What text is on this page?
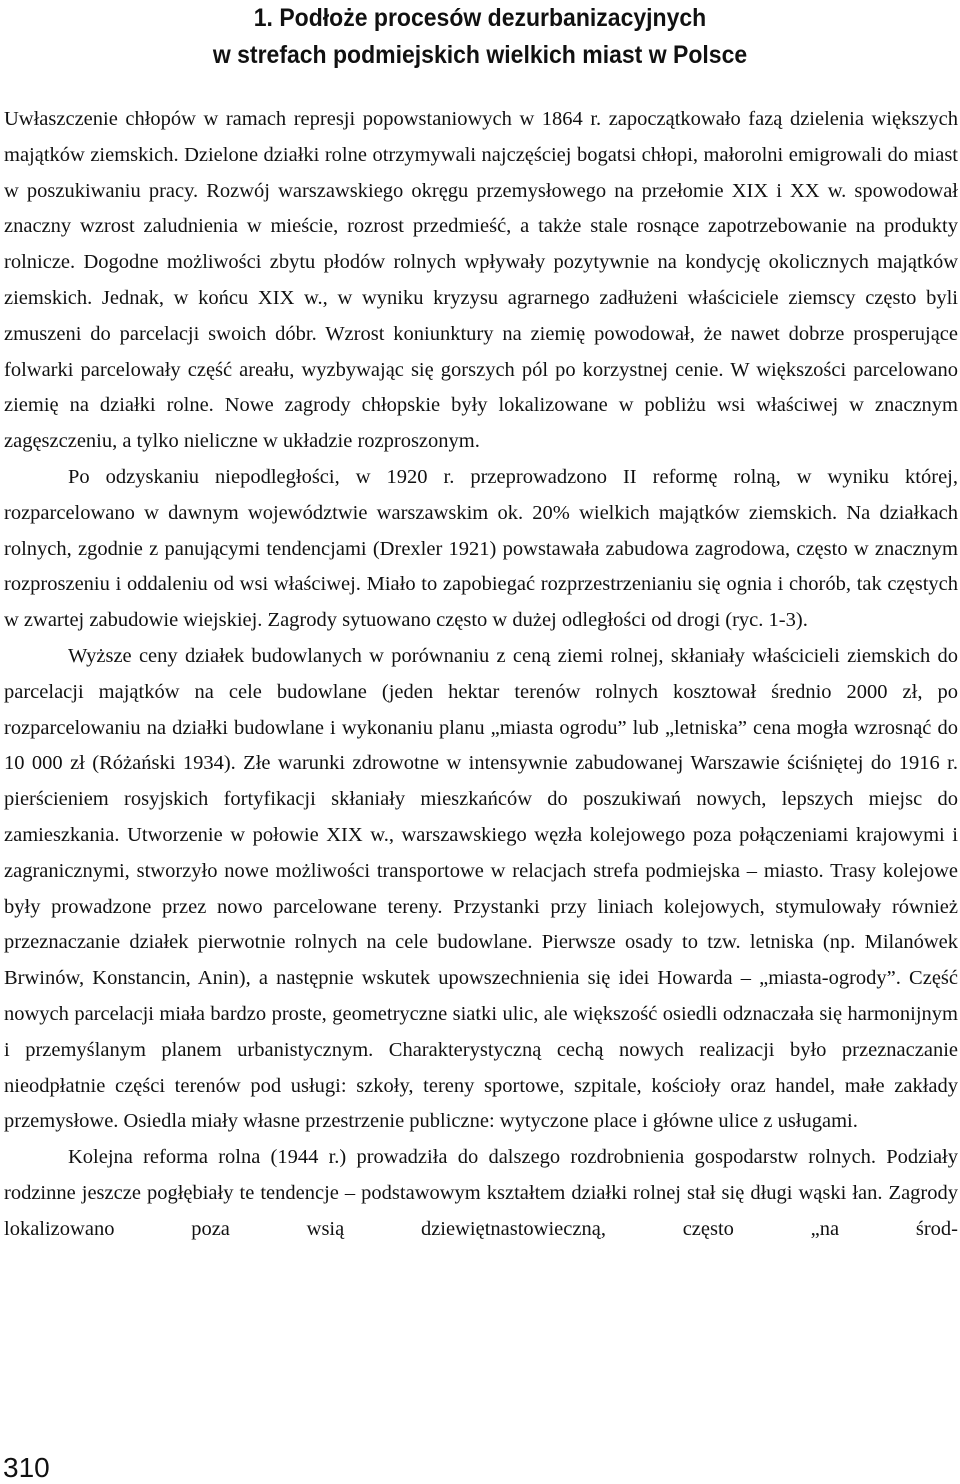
1. Podłoże procesów dezurbanizacyjnych
w strefach podmiejskich wielkich miast w Polsce

Uwłaszczenie chłopów w ramach represji popowstaniowych w 1864 r. zapoczątkowało fazą dzielenia większych majątków ziemskich. Dzielone działki rolne otrzymywali najczęściej bogatsi chłopi, małorolni emigrowali do miast w poszukiwaniu pracy. Rozwój warszawskiego okręgu przemysłowego na przełomie XIX i XX w. spowodował znaczny wzrost zaludnienia w mieście, rozrost przedmieść, a także stale rosnące zapotrzebowanie na produkty rolnicze. Dogodne możliwości zbytu płodów rolnych wpływały pozytywnie na kondycję okolicznych majątków ziemskich. Jednak, w końcu XIX w., w wyniku kryzysu agrarnego zadłużeni właściciele ziemscy często byli zmuszeni do parcelacji swoich dóbr. Wzrost koniunktury na ziemię powodował, że nawet dobrze prosperujące folwarki parcelowały część areału, wyzbywając się gorszych pól po korzystnej cenie. W większości parcelowano ziemię na działki rolne. Nowe zagrody chłopskie były lokalizowane w pobliżu wsi właściwej w znacznym zagęszczeniu, a tylko nieliczne w układzie rozproszonym.

Po odzyskaniu niepodległości, w 1920 r. przeprowadzono II reformę rolną, w wyniku której, rozparcelowano w dawnym województwie warszawskim ok. 20% wielkich majątków ziemskich. Na działkach rolnych, zgodnie z panującymi tendencjami (Drexler 1921) powstawała zabudowa zagrodowa, często w znacznym rozproszeniu i oddaleniu od wsi właściwej. Miało to zapobiegać rozprzestrzenianiu się ognia i chorób, tak częstych w zwartej zabudowie wiejskiej. Zagrody sytuowano często w dużej odległości od drogi (ryc. 1-3).

Wyższe ceny działek budowlanych w porównaniu z ceną ziemi rolnej, skłaniały właścicieli ziemskich do parcelacji majątków na cele budowlane (jeden hektar terenów rolnych kosztował średnio 2000 zł, po rozparcelowaniu na działki budowlane i wykonaniu planu „miasta ogrodu” lub „letniska” cena mogła wzrosnąć do 10 000 zł (Różański 1934). Złe warunki zdrowotne w intensywnie zabudowanej Warszawie ściśniętej do 1916 r. pierścieniem rosyjskich fortyfikacji skłaniały mieszkańców do poszukiwań nowych, lepszych miejsc do zamieszkania. Utworzenie w połowie XIX w., warszawskiego węzła kolejowego poza połączeniami krajowymi i zagranicznymi, stworzyło nowe możliwości transportowe w relacjach strefa podmiejska – miasto. Trasy kolejowe były prowadzone przez nowo parcelowane tereny. Przystanki przy liniach kolejowych, stymulowały również przeznaczanie działek pierwotnie rolnych na cele budowlane. Pierwsze osady to tzw. letniska (np. Milanówek Brwinów, Konstancin, Anin), a następnie wskutek upowszechnienia się idei Howarda – „miasta-ogrody”. Część nowych parcelacji miała bardzo proste, geometryczne siatki ulic, ale większość osiedli odznaczała się harmonijnym i przemyślanym planem urbanistycznym. Charakterystyczną cechą nowych realizacji było przeznaczanie nieodpłatnie części terenów pod usługi: szkoły, tereny sportowe, szpitale, kościoły oraz handel, małe zakłady przemysłowe. Osiedla miały własne przestrzenie publiczne: wytyczone place i główne ulice z usługami.

Kolejna reforma rolna (1944 r.) prowadziła do dalszego rozdrobnienia gospodarstw rolnych. Podziały rodzinne jeszcze pogłębiały te tendencje – podstawowym kształtem działki rolnej stał się długi wąski łan. Zagrody lokalizowano poza wsią dziewiętnastowieczną, często „na środ-

310
